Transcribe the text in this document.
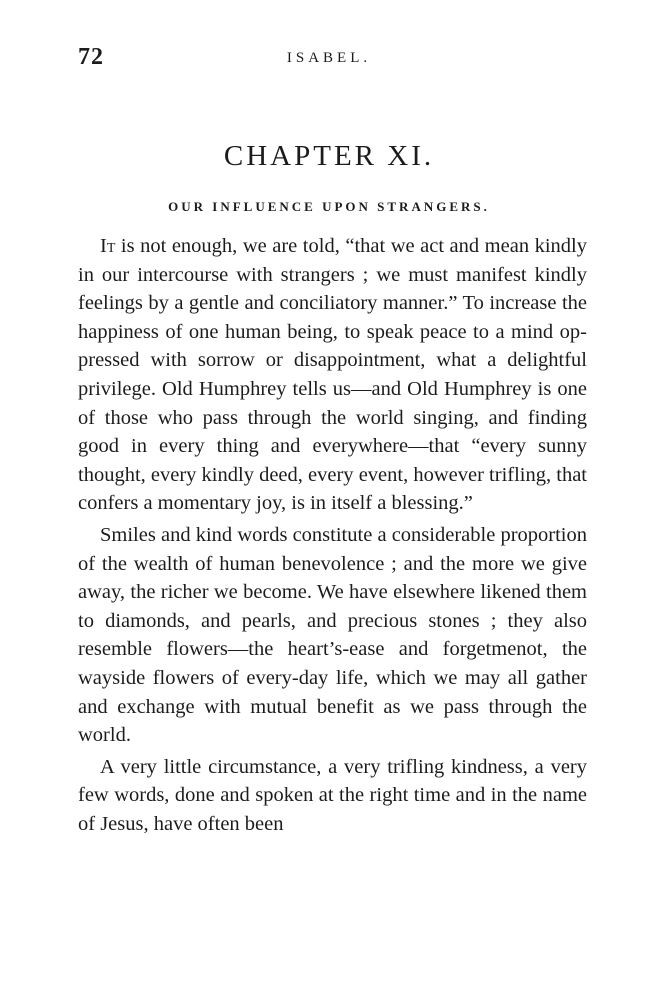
72	ISABEL.
CHAPTER XI.
OUR INFLUENCE UPON STRANGERS.

It is not enough, we are told, “that we act and mean kindly in our intercourse with strangers ; we must manifest kindly feelings by a gentle and conciliatory manner.” To increase the happiness of one human being, to speak peace to a mind oppressed with sorrow or disappointment, what a delightful privilege. Old Humphrey tells us—and Old Humphrey is one of those who pass through the world singing, and finding good in every thing and everywhere—that “every sunny thought, every kindly deed, every event, however trifling, that confers a momentary joy, is in itself a blessing.”

Smiles and kind words constitute a considerable proportion of the wealth of human benevolence ; and the more we give away, the richer we become. We have elsewhere likened them to diamonds, and pearls, and precious stones ; they also resemble flowers—the heart’s-ease and forgetmenot, the wayside flowers of every-day life, which we may all gather and exchange with mutual benefit as we pass through the world.

A very little circumstance, a very trifling kindness, a very few words, done and spoken at the right time and in the name of Jesus, have often been
